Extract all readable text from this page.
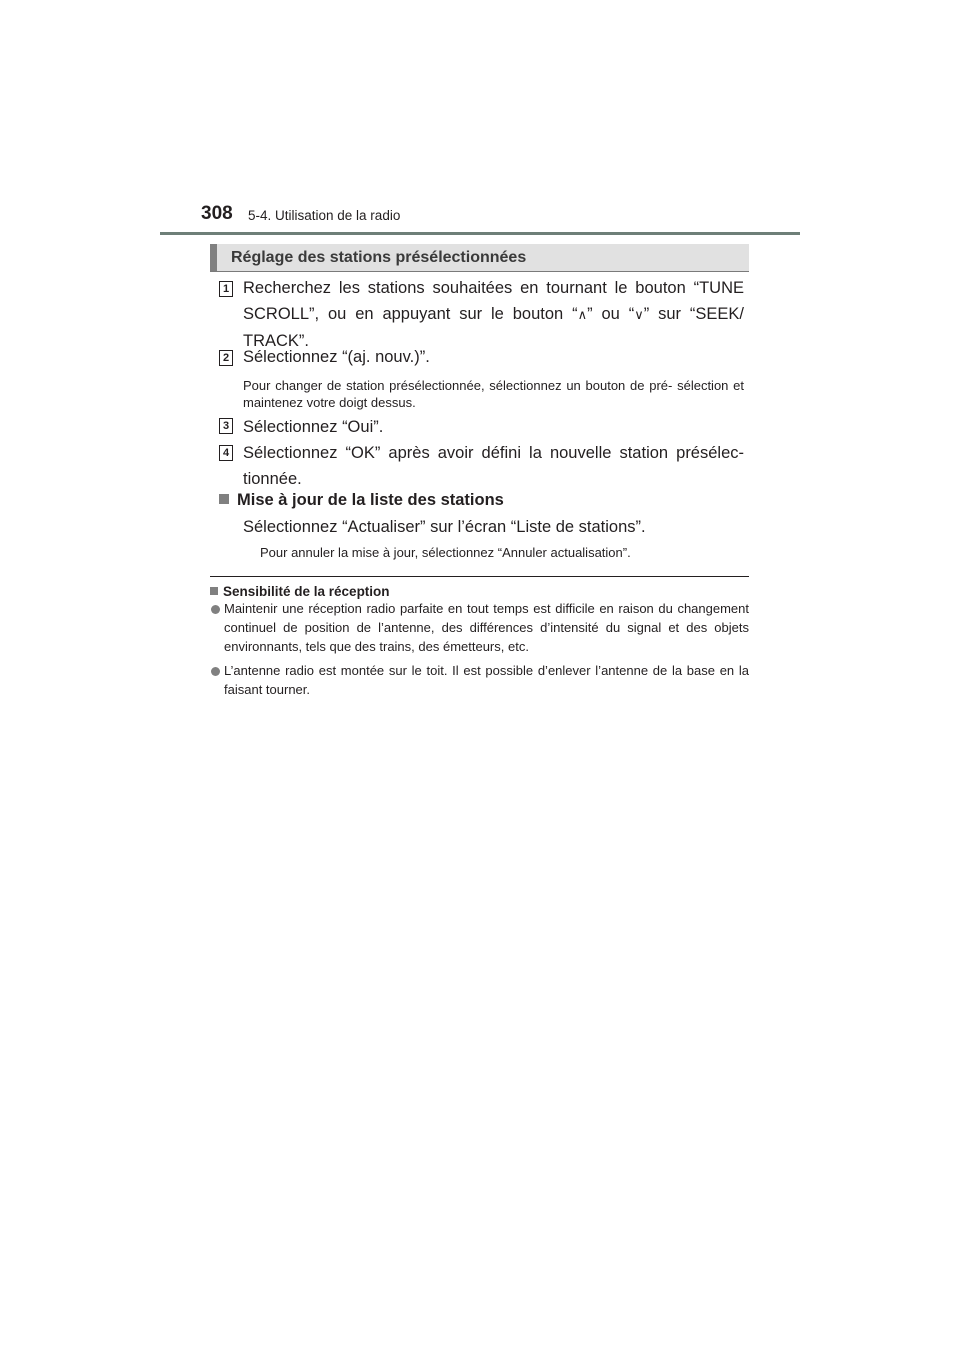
308 5-4. Utilisation de la radio
Réglage des stations présélectionnées
1 Recherchez les stations souhaitées en tournant le bouton “TUNE SCROLL”, ou en appuyant sur le bouton “∧” ou “∨” sur “SEEK/ TRACK”.
2 Sélectionnez “(aj. nouv.)”.
Pour changer de station présélectionnée, sélectionnez un bouton de pré- sélection et maintenez votre doigt dessus.
3 Sélectionnez “Oui”.
4 Sélectionnez “OK” après avoir défini la nouvelle station présélec- tionnée.
Mise à jour de la liste des stations
Sélectionnez “Actualiser” sur l’écran “Liste de stations”.
Pour annuler la mise à jour, sélectionnez “Annuler actualisation”.
Sensibilité de la réception
Maintenir une réception radio parfaite en tout temps est difficile en raison du changement continuel de position de l’antenne, des différences d’intensité du signal et des objets environnants, tels que des trains, des émetteurs, etc.
L’antenne radio est montée sur le toit. Il est possible d’enlever l’antenne de la base en la faisant tourner.
